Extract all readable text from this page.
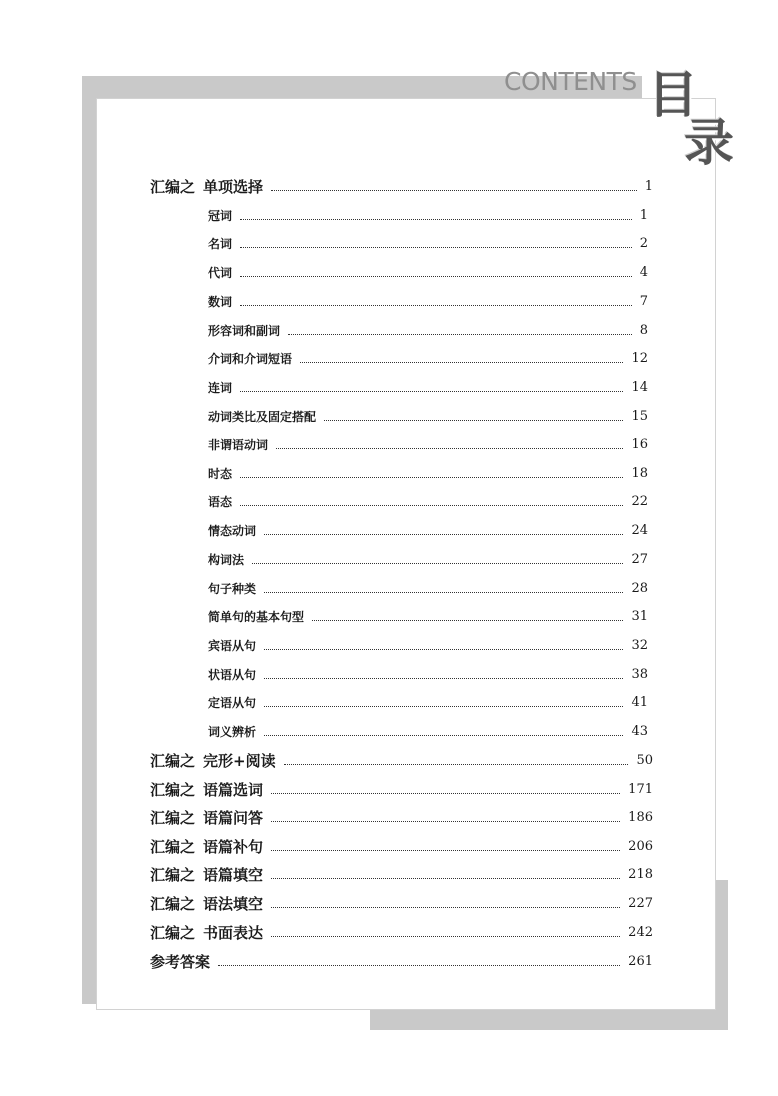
CONTENTS 目
录
汇编之 单项选择	1
冠词	1
名词	2
代词	4
数词	7
形容词和副词	8
介词和介词短语	12
连词	14
动词类比及固定搭配	15
非谓语动词	16
时态	18
语态	22
情态动词	24
构词法	27
句子种类	28
简单句的基本句型	31
宾语从句	32
状语从句	38
定语从句	41
词义辨析	43
汇编之 完形+阅读	50
汇编之 语篇选词	171
汇编之 语篇问答	186
汇编之 语篇补句	206
汇编之 语篇填空	218
汇编之 语法填空	227
汇编之 书面表达	242
参考答案	261
